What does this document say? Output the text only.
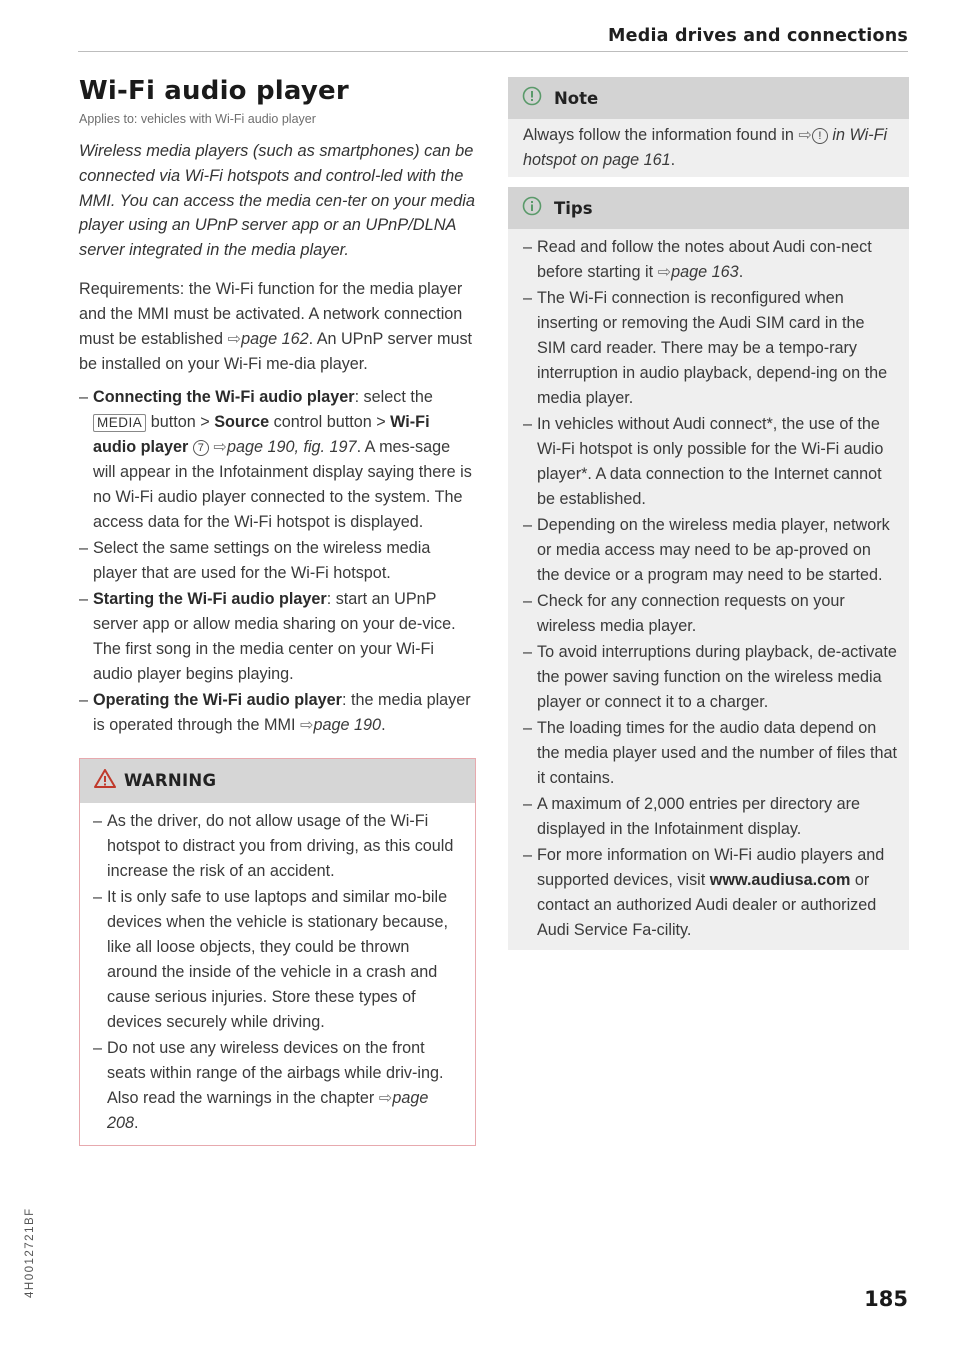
Media drives and connections
Wi-Fi audio player
Applies to: vehicles with Wi-Fi audio player

Wireless media players (such as smartphones) can be connected via Wi-Fi hotspots and control-led with the MMI. You can access the media cen-ter on your media player using an UPnP server app or an UPnP/DLNA server integrated in the media player.

Requirements: the Wi-Fi function for the media player and the MMI must be activated. A network connection must be established ⇨page 162. An UPnP server must be installed on your Wi-Fi me-dia player.

– Connecting the Wi-Fi audio player: select the MEDIA button > Source control button > Wi-Fi audio player 7 ⇨page 190, fig. 197. A mes-sage will appear in the Infotainment display saying there is no Wi-Fi audio player connected to the system. The access data for the Wi-Fi hotspot is displayed.
– Select the same settings on the wireless media player that are used for the Wi-Fi hotspot.
– Starting the Wi-Fi audio player: start an UPnP server app or allow media sharing on your de-vice. The first song in the media center on your Wi-Fi audio player begins playing.
– Operating the Wi-Fi audio player: the media player is operated through the MMI ⇨page 190.
WARNING
– As the driver, do not allow usage of the Wi-Fi hotspot to distract you from driving, as this could increase the risk of an accident.
– It is only safe to use laptops and similar mo-bile devices when the vehicle is stationary because, like all loose objects, they could be thrown around the inside of the vehicle in a crash and cause serious injuries. Store these types of devices securely while driving.
– Do not use any wireless devices on the front seats within range of the airbags while driv-ing. Also read the warnings in the chapter ⇨page 208.
Note
Always follow the information found in ⇨ ! in Wi-Fi hotspot on page 161.
Tips
– Read and follow the notes about Audi con-nect before starting it ⇨page 163.
– The Wi-Fi connection is reconfigured when inserting or removing the Audi SIM card in the SIM card reader. There may be a tempo-rary interruption in audio playback, depend-ing on the media player.
– In vehicles without Audi connect*, the use of the Wi-Fi hotspot is only possible for the Wi-Fi audio player*. A data connection to the Internet cannot be established.
– Depending on the wireless media player, network or media access may need to be ap-proved on the device or a program may need to be started.
– Check for any connection requests on your wireless media player.
– To avoid interruptions during playback, de-activate the power saving function on the wireless media player or connect it to a charger.
– The loading times for the audio data depend on the media player used and the number of files that it contains.
– A maximum of 2,000 entries per directory are displayed in the Infotainment display.
– For more information on Wi-Fi audio players and supported devices, visit www.audiusa.com or contact an authorized Audi dealer or authorized Audi Service Fa-cility.
4H0012721BF
185
